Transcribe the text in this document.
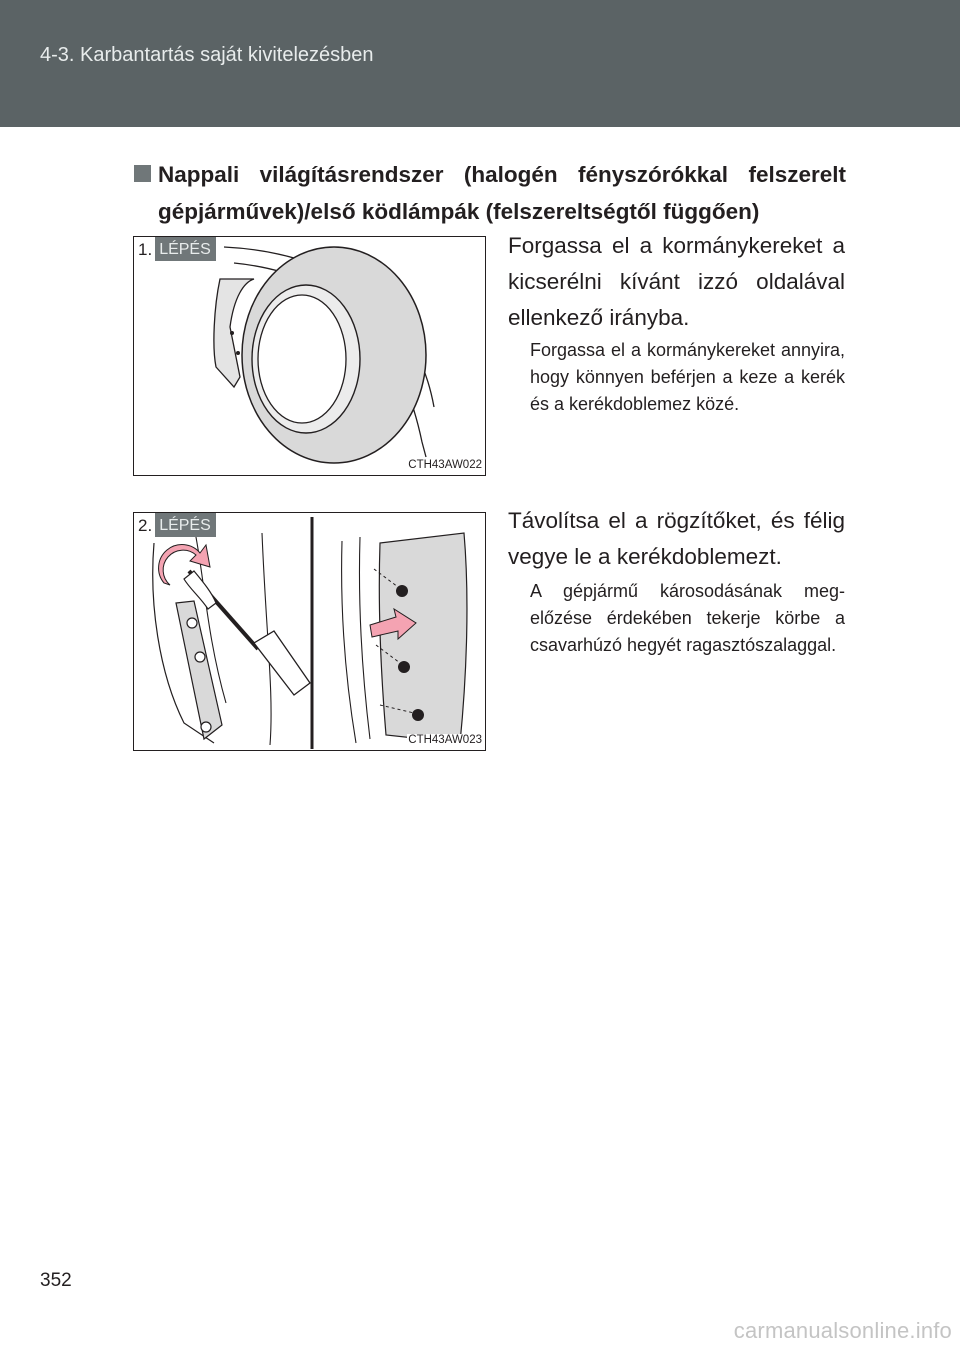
4-3. Karbantartás saját kivitelezésben
Nappali világításrendszer (halogén fényszórókkal felszerelt gépjárművek)/első ködlámpák (felszereltségtől függően)
1. LÉPÉS
CTH43AW022
Forgassa el a kormánykereket a kicserélni kívánt izzó oldalával ellenkező irányba.
Forgassa el a kormánykereket annyira, hogy könnyen beférjen a keze a kerék és a kerékdoblemez közé.
2. LÉPÉS
CTH43AW023
Távolítsa el a rögzítőket, és félig vegye le a kerékdoblemezt.
A gépjármű károsodásának megelőzése érdekében tekerje körbe a csavarhúzó hegyét ragasztószalaggal.
352
carmanualsonline.info
